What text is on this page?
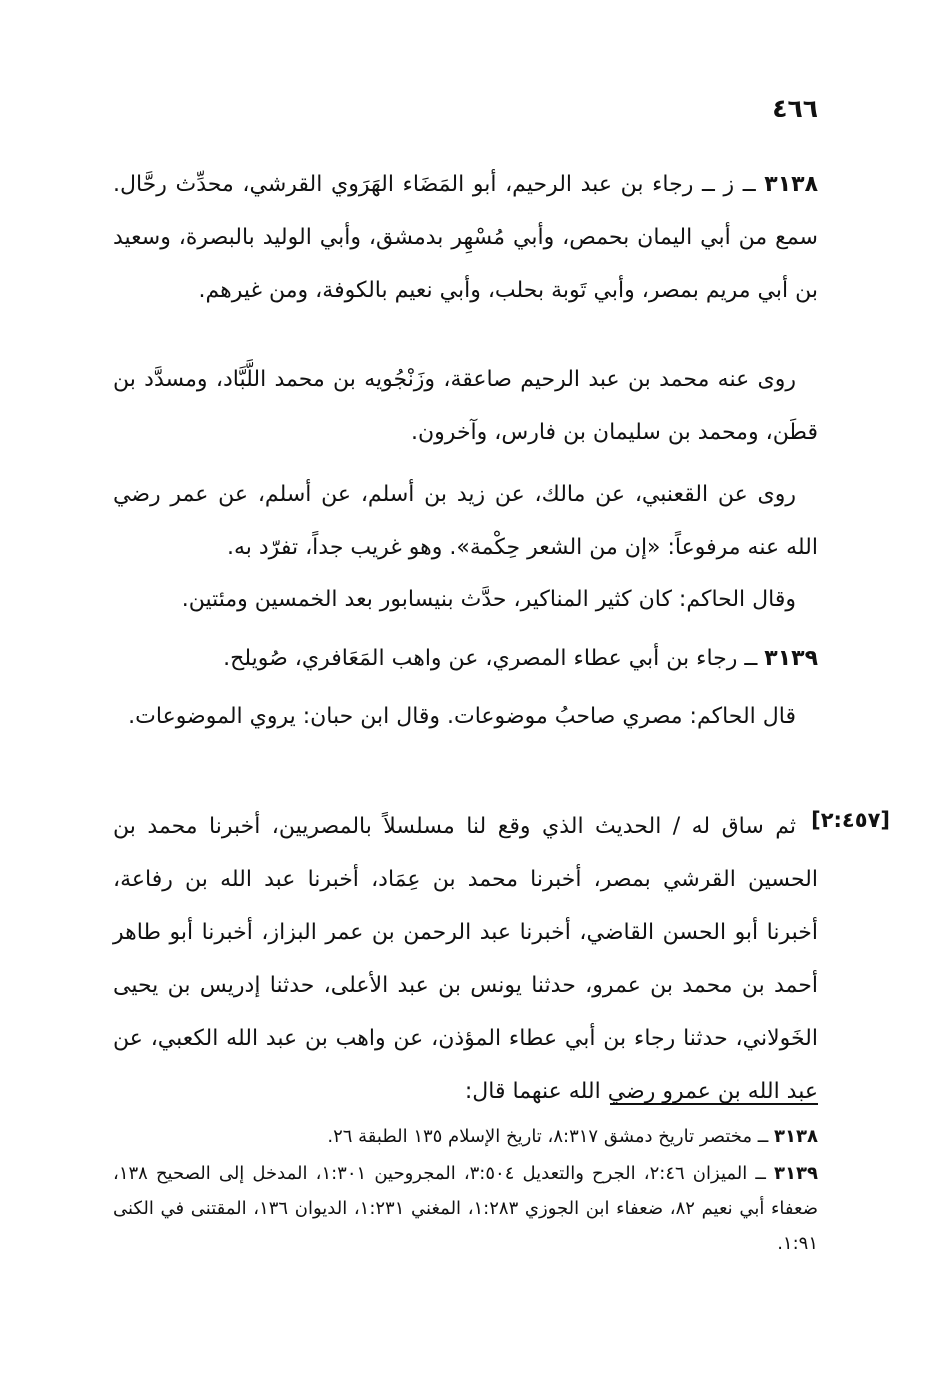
٤٦٦

٣١٣٨ ــ ز ــ رجاء بن عبد الرحيم، أبو المَضَاء الهَرَوي القرشي، محدِّث رحَّال. سمع من أبي اليمان بحمص، وأبي مُسْهِر بدمشق، وأبي الوليد بالبصرة، وسعيد بن أبي مريم بمصر، وأبي تَوبة بحلب، وأبي نعيم بالكوفة، ومن غيرهم.

روى عنه محمد بن عبد الرحيم صاعقة، وزَنْجُويه بن محمد اللَّبَّاد، ومسدَّد بن قطَن، ومحمد بن سليمان بن فارس، وآخرون.

روى عن القعنبي، عن مالك، عن زيد بن أسلم، عن أسلم، عن عمر رضي الله عنه مرفوعاً: «إن من الشعر حِكْمة». وهو غريب جداً، تفرّد به.

وقال الحاكم: كان كثير المناكير، حدَّث بنيسابور بعد الخمسين ومئتين.

٣١٣٩ ــ رجاء بن أبي عطاء المصري، عن واهب المَعَافري، صُويلح.

قال الحاكم: مصري صاحبُ موضوعات. وقال ابن حبان: يروي الموضوعات.

[٢:٤٥٧]

ثم ساق له / الحديث الذي وقع لنا مسلسلاً بالمصريين، أخبرنا محمد بن الحسين القرشي بمصر، أخبرنا محمد بن عِمَاد، أخبرنا عبد الله بن رفاعة، أخبرنا أبو الحسن القاضي، أخبرنا عبد الرحمن بن عمر البزاز، أخبرنا أبو طاهر أحمد بن محمد بن عمرو، حدثنا يونس بن عبد الأعلى، حدثنا إدريس بن يحيى الخَولاني، حدثنا رجاء بن أبي عطاء المؤذن، عن واهب بن عبد الله الكعبي، عن عبد الله بن عمرو رضي الله عنهما قال:

٣١٣٨ ــ مختصر تاريخ دمشق ٨:٣١٧، تاريخ الإسلام ١٣٥ الطبقة ٢٦.

٣١٣٩ ــ الميزان ٢:٤٦، الجرح والتعديل ٣:٥٠٤، المجروحين ١:٣٠١، المدخل إلى الصحيح ١٣٨، ضعفاء أبي نعيم ٨٢، ضعفاء ابن الجوزي ١:٢٨٣، المغني ١:٢٣١، الديوان ١٣٦، المقتنى في الكنى ١:٩١.
